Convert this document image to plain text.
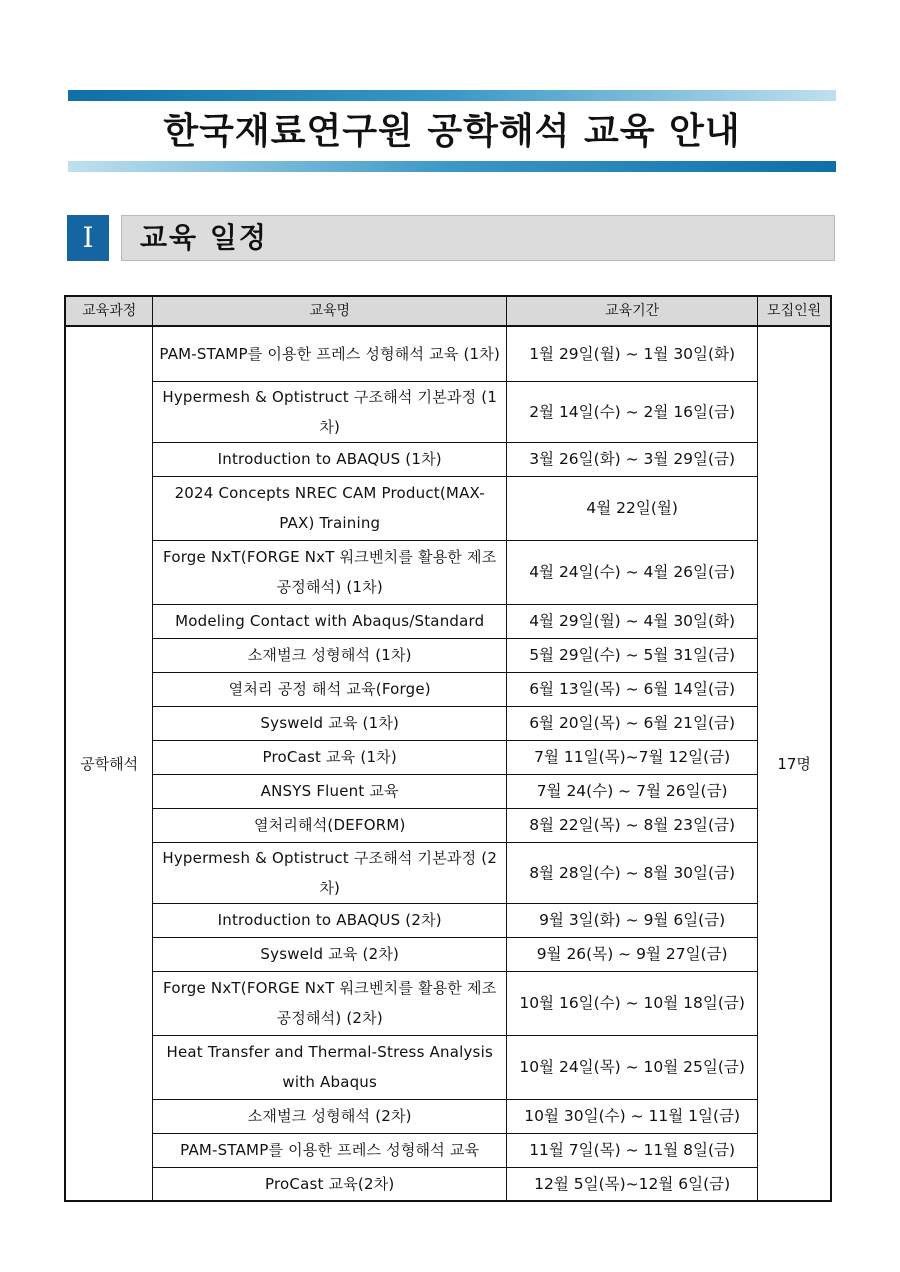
한국재료연구원 공학해석 교육 안내
I	교육 일정
교육과정	교육명	교육기간	모집인원
공학해석	PAM-STAMP를 이용한 프레스 성형해석 교육 (1차)	1월 29일(월) ~ 1월 30일(화)	17명
	Hypermesh & Optistruct 구조해석 기본과정 (1차)	2월 14일(수) ~ 2월 16일(금)	
	Introduction to ABAQUS (1차)	3월 26일(화) ~ 3월 29일(금)	
	2024 Concepts NREC CAM Product(MAX-PAX) Training	4월 22일(월)	
	Forge NxT(FORGE NxT 워크벤치를 활용한 제조공정해석) (1차)	4월 24일(수) ~ 4월 26일(금)	
	Modeling Contact with Abaqus/Standard	4월 29일(월) ~ 4월 30일(화)	
	소재벌크 성형해석 (1차)	5월 29일(수) ~ 5월 31일(금)	
	열처리 공정 해석 교육(Forge)	6월 13일(목) ~ 6월 14일(금)	
	Sysweld 교육 (1차)	6월 20일(목) ~ 6월 21일(금)	
	ProCast 교육 (1차)	7월 11일(목)~7월 12일(금)	
	ANSYS Fluent 교육	7월 24(수) ~ 7월 26일(금)	
	열처리해석(DEFORM)	8월 22일(목) ~ 8월 23일(금)	
	Hypermesh & Optistruct 구조해석 기본과정 (2차)	8월 28일(수) ~ 8월 30일(금)	
	Introduction to ABAQUS (2차)	9월 3일(화) ~ 9월 6일(금)	
	Sysweld 교육 (2차)	9월 26(목) ~ 9월 27일(금)	
	Forge NxT(FORGE NxT 워크벤치를 활용한 제조공정해석) (2차)	10월 16일(수) ~ 10월 18일(금)	
	Heat Transfer and Thermal-Stress Analysis with Abaqus	10월 24일(목) ~ 10월 25일(금)	
	소재벌크 성형해석 (2차)	10월 30일(수) ~ 11월 1일(금)	
	PAM-STAMP를 이용한 프레스 성형해석 교육	11월 7일(목) ~ 11월 8일(금)	
	ProCast 교육(2차)	12월 5일(목)~12월 6일(금)	
